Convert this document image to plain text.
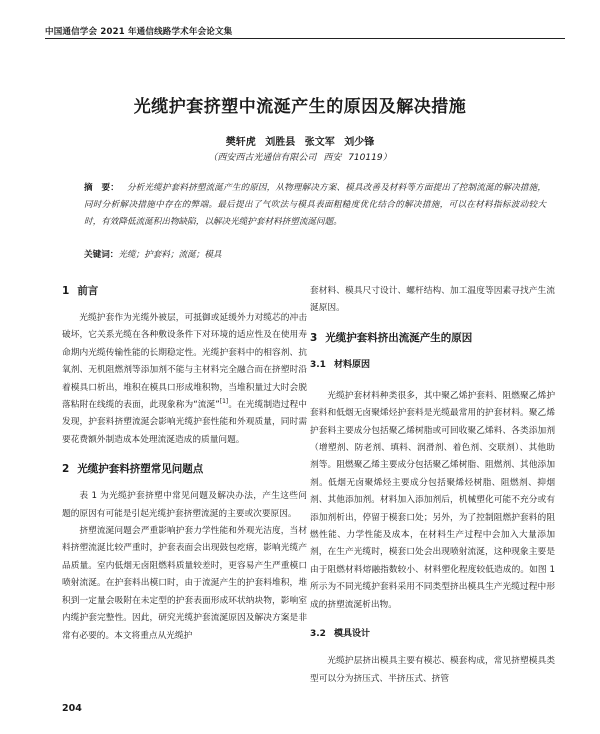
中国通信学会 2021 年通信线路学术年会论文集
光缆护套挤塑中流涎产生的原因及解决措施
樊轩虎 刘胜县 张文军 刘少锋
（西安西古光通信有限公司 西安 710119）
摘　要： 分析光缆护套料挤塑流涎产生的原因，从物理解决方案、模具改善及材料等方面提出了控制流涎的解决措施，同时分析解决措施中存在的弊端。最后提出了气吹法与模具表面粗糙度优化结合的解决措施，可以在材料指标波动较大时，有效降低流涎积出物缺陷，以解决光缆护套材料挤塑流涎问题。
关键词：光缆；护套料；流涎；模具
1 前言

光缆护套作为光缆外被层，可抵御或延缓外力对缆芯的冲击破坏，它关系光缆在各种敷设条件下对环境的适应性及在使用寿命期内光缆传输性能的长期稳定性。光缆护套料中的相容剂、抗氧剂、无机阻燃剂等添加剂不能与主材料完全融合而在挤塑时沿着模具口析出，堆积在模具口形成堆积物，当堆积量过大时会脱落粘附在线缆的表面，此现象称为“流涎”[1]。在光缆制造过程中发现，护套料挤塑流涎会影响光缆护套性能和外观质量，同时需要花费额外制造成本处理流涎造成的质量问题。

2 光缆护套料挤塑常见问题点

表 1 为光缆护套挤塑中常见问题及解决办法，产生这些问题的原因有可能是引起光缆护套挤塑流涎的主要或次要原因。

挤塑流涎问题会严重影响护套力学性能和外观光洁度，当材料挤塑流涎比较严重时，护套表面会出现鼓包疙瘩，影响光缆产品质量。室内低烟无卤阻燃料质量较差时，更容易产生严重模口喷射流涎。在护套料出模口时，由于流涎产生的护套料堆积，堆积到一定量会吸附在未定型的护套表面形成环状纳块物，影响室内缆护套完整性。因此，研究光缆护套流涎原因及解决方案是非常有必要的。本文将重点从光缆护

套材料、模具尺寸设计、螺杆结构、加工温度等因素寻找产生流涎原因。

3 光缆护套料挤出流涎产生的原因
3.1 材料原因

光缆护套材料种类很多，其中聚乙烯护套料、阻燃聚乙烯护套料和低烟无卤聚烯烃护套料是光缆最常用的护套材料。聚乙烯护套料主要成分包括聚乙烯树脂或可回收聚乙烯料、各类添加剂（增塑剂、防老剂、填料、润滑剂、着色剂、交联剂）、其他助剂等。阻燃聚乙烯主要成分包括聚乙烯树脂、阻燃剂、其他添加剂。低烟无卤聚烯烃主要成分包括聚烯烃树脂、阻燃剂、抑烟剂、其他添加剂。材料加入添加剂后，机械塑化可能不充分或有添加剂析出，停留于模套口处；另外，为了控制阻燃护套料的阻燃性能、力学性能及成本，在材料生产过程中会加入大量添加剂，在生产光缆时，模套口处会出现喷射流涎，这种现象主要是由于阻燃材料熔融指数较小、材料塑化程度较低造成的。如图 1 所示为不同光缆护套料采用不同类型挤出模具生产光缆过程中形成的挤塑流涎析出物。

3.2 模具设计

光缆护层挤出模具主要有模芯、模套构成，常见挤塑模具类型可以分为挤压式、半挤压式、挤管

204
